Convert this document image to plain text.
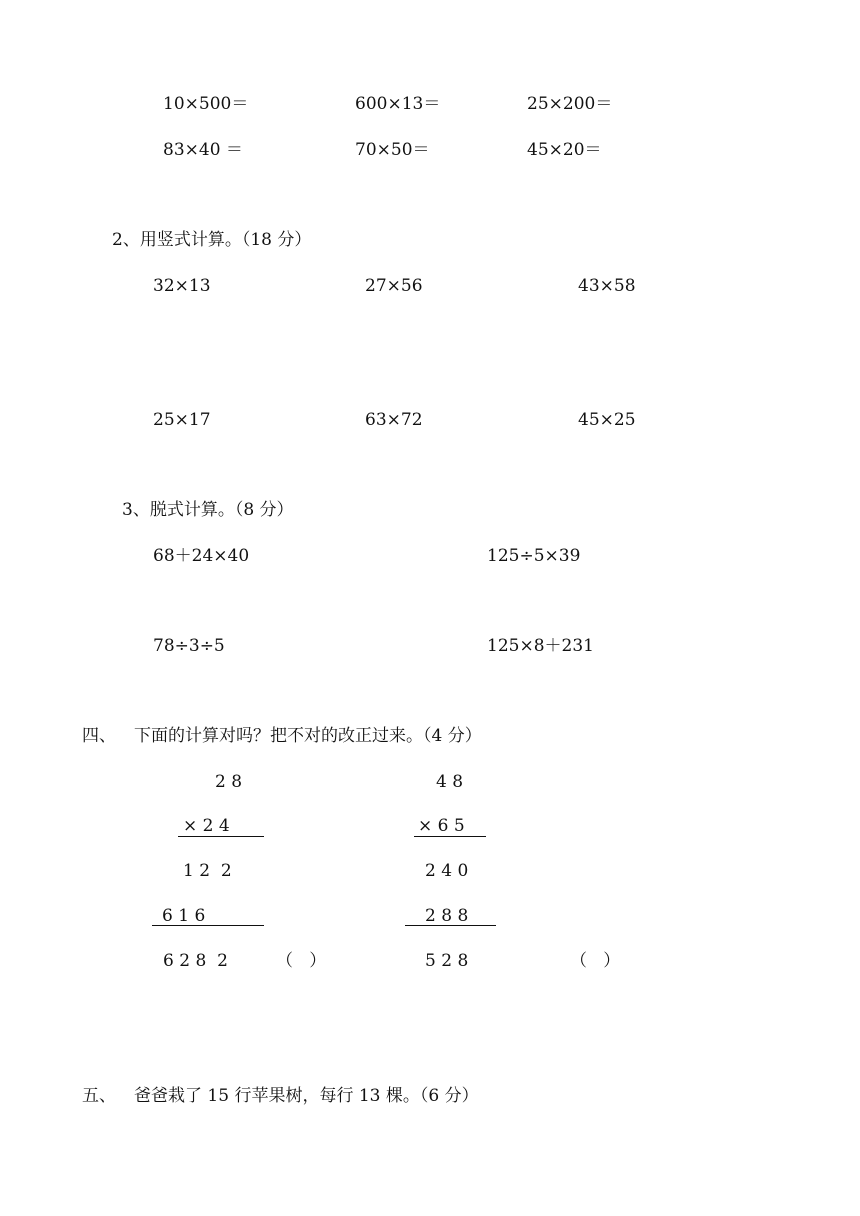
10×500＝	600×13＝	25×200＝
83×40 ＝	70×50＝	45×20＝
2、用竖式计算。（18 分）
32×13	27×56	43×58
25×17	63×72	45×25
3、脱式计算。（8 分）
68＋24×40	125÷5×39
78÷3÷5	125×8＋231
四、 下面的计算对吗？把不对的改正过来。（4 分）
2 8
× 2 4
1 2  2
6 1 6
6 2 8  2	（   ）
4 8
× 6 5
2 4 0
2 8 8
5 2 8	（   ）
五、 爸爸栽了 15 行苹果树，每行 13 棵。（6 分）
